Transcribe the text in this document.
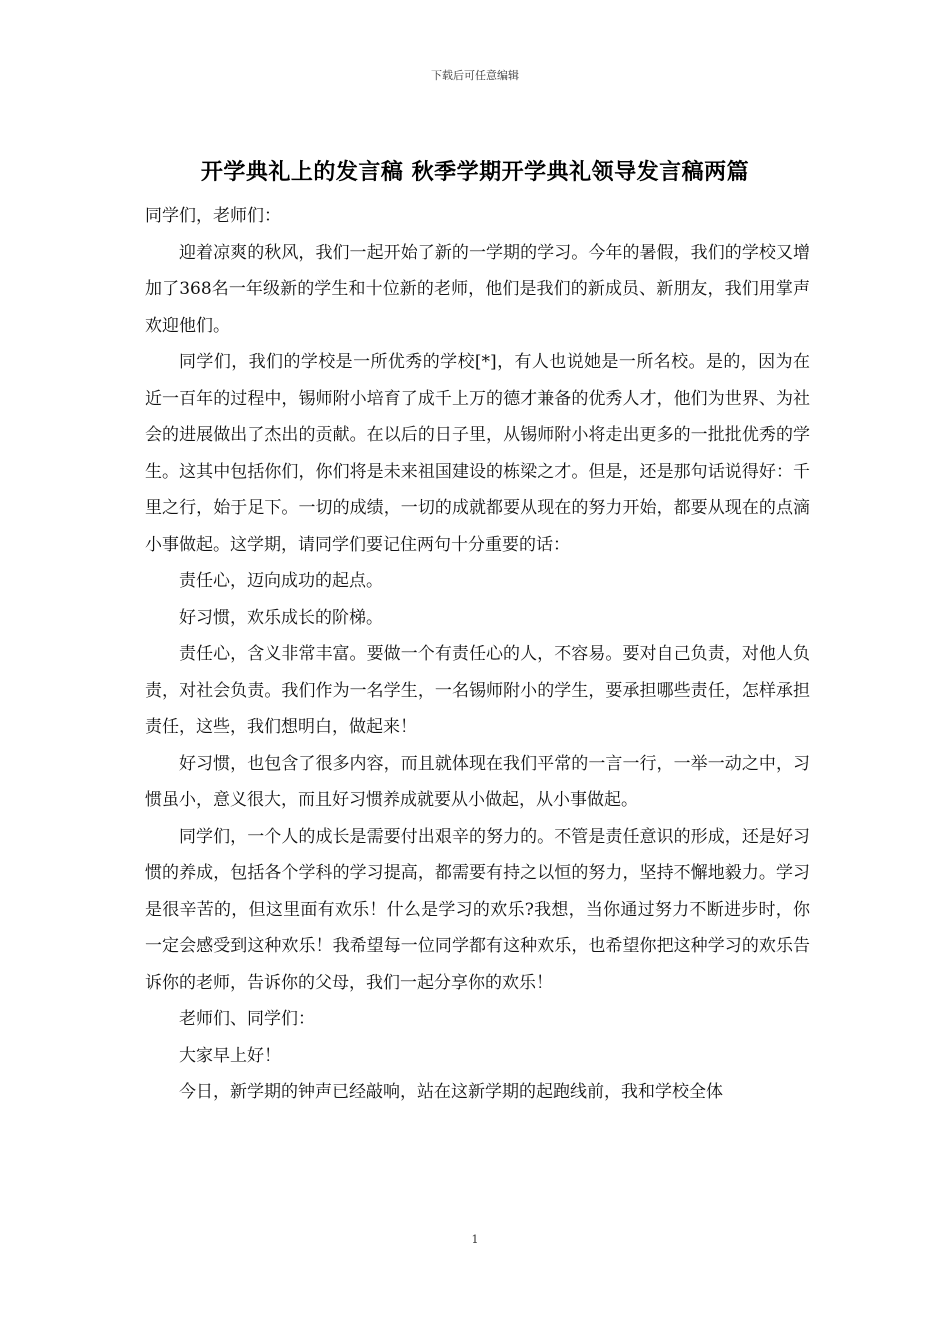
下载后可任意编辑
开学典礼上的发言稿 秋季学期开学典礼领导发言稿两篇

同学们，老师们：

迎着凉爽的秋风，我们一起开始了新的一学期的学习。今年的暑假，我们的学校又增加了368名一年级新的学生和十位新的老师，他们是我们的新成员、新朋友，我们用掌声欢迎他们。

同学们，我们的学校是一所优秀的学校[*]，有人也说她是一所名校。是的，因为在近一百年的过程中，锡师附小培育了成千上万的德才兼备的优秀人才，他们为世界、为社会的进展做出了杰出的贡献。在以后的日子里，从锡师附小将走出更多的一批批优秀的学生。这其中包括你们，你们将是未来祖国建设的栋梁之才。但是，还是那句话说得好：千里之行，始于足下。一切的成绩，一切的成就都要从现在的努力开始，都要从现在的点滴小事做起。这学期，请同学们要记住两句十分重要的话：

责任心，迈向成功的起点。

好习惯，欢乐成长的阶梯。

责任心，含义非常丰富。要做一个有责任心的人，不容易。要对自己负责，对他人负责，对社会负责。我们作为一名学生，一名锡师附小的学生，要承担哪些责任，怎样承担责任，这些，我们想明白，做起来！

好习惯，也包含了很多内容，而且就体现在我们平常的一言一行，一举一动之中，习惯虽小，意义很大，而且好习惯养成就要从小做起，从小事做起。

同学们，一个人的成长是需要付出艰辛的努力的。不管是责任意识的形成，还是好习惯的养成，包括各个学科的学习提高，都需要有持之以恒的努力，坚持不懈地毅力。学习是很辛苦的，但这里面有欢乐！什么是学习的欢乐?我想，当你通过努力不断进步时，你一定会感受到这种欢乐！我希望每一位同学都有这种欢乐，也希望你把这种学习的欢乐告诉你的老师，告诉你的父母，我们一起分享你的欢乐！

老师们、同学们：

大家早上好！

今日，新学期的钟声已经敲响，站在这新学期的起跑线前，我和学校全体

1
